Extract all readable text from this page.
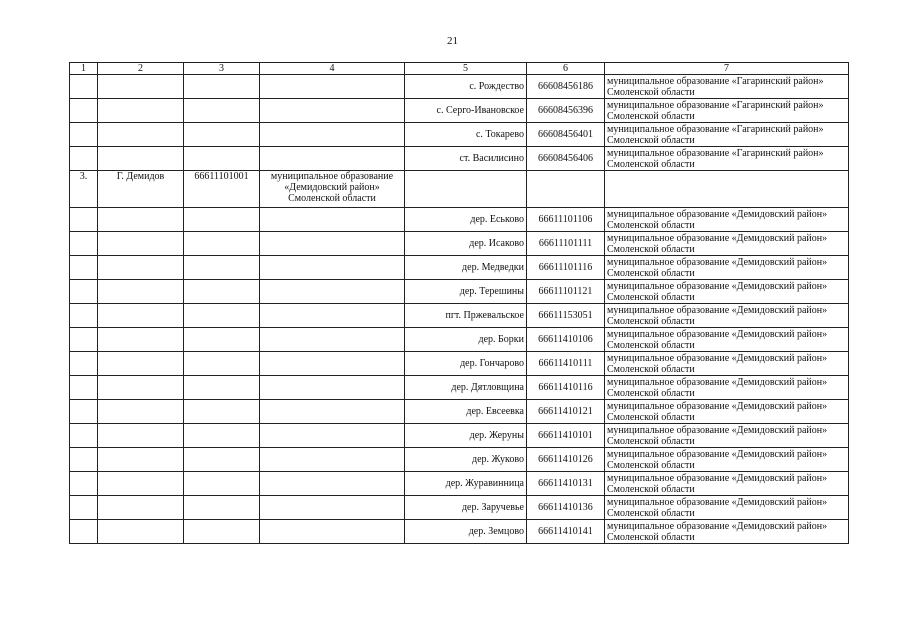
21
1	2	3	4	5	6	7
				с. Рождество	66608456186	муниципальное образование «Гагаринский район» Смоленской области
				с. Серго-Ивановское	66608456396	муниципальное образование «Гагаринский район» Смоленской области
				с. Токарево	66608456401	муниципальное образование «Гагаринский район» Смоленской области
				ст. Василисино	66608456406	муниципальное образование «Гагаринский район» Смоленской области
3.	Г. Демидов	66611101001	муниципальное образование «Демидовский район» Смоленской области			
				дер. Еськово	66611101106	муниципальное образование «Демидовский район» Смоленской области
				дер. Исаково	66611101111	муниципальное образование «Демидовский район» Смоленской области
				дер. Медведки	66611101116	муниципальное образование «Демидовский район» Смоленской области
				дер. Терешины	66611101121	муниципальное образование «Демидовский район» Смоленской области
				пгт. Пржевальское	66611153051	муниципальное образование «Демидовский район» Смоленской области
				дер. Борки	66611410106	муниципальное образование «Демидовский район» Смоленской области
				дер. Гончарово	66611410111	муниципальное образование «Демидовский район» Смоленской области
				дер. Дятловщина	66611410116	муниципальное образование «Демидовский район» Смоленской области
				дер. Евсеевка	66611410121	муниципальное образование «Демидовский район» Смоленской области
				дер. Жеруны	66611410101	муниципальное образование «Демидовский район» Смоленской области
				дер. Жуково	66611410126	муниципальное образование «Демидовский район» Смоленской области
				дер. Журавинница	66611410131	муниципальное образование «Демидовский район» Смоленской области
				дер. Заручевье	66611410136	муниципальное образование «Демидовский район» Смоленской области
				дер. Земцово	66611410141	муниципальное образование «Демидовский район» Смоленской области
